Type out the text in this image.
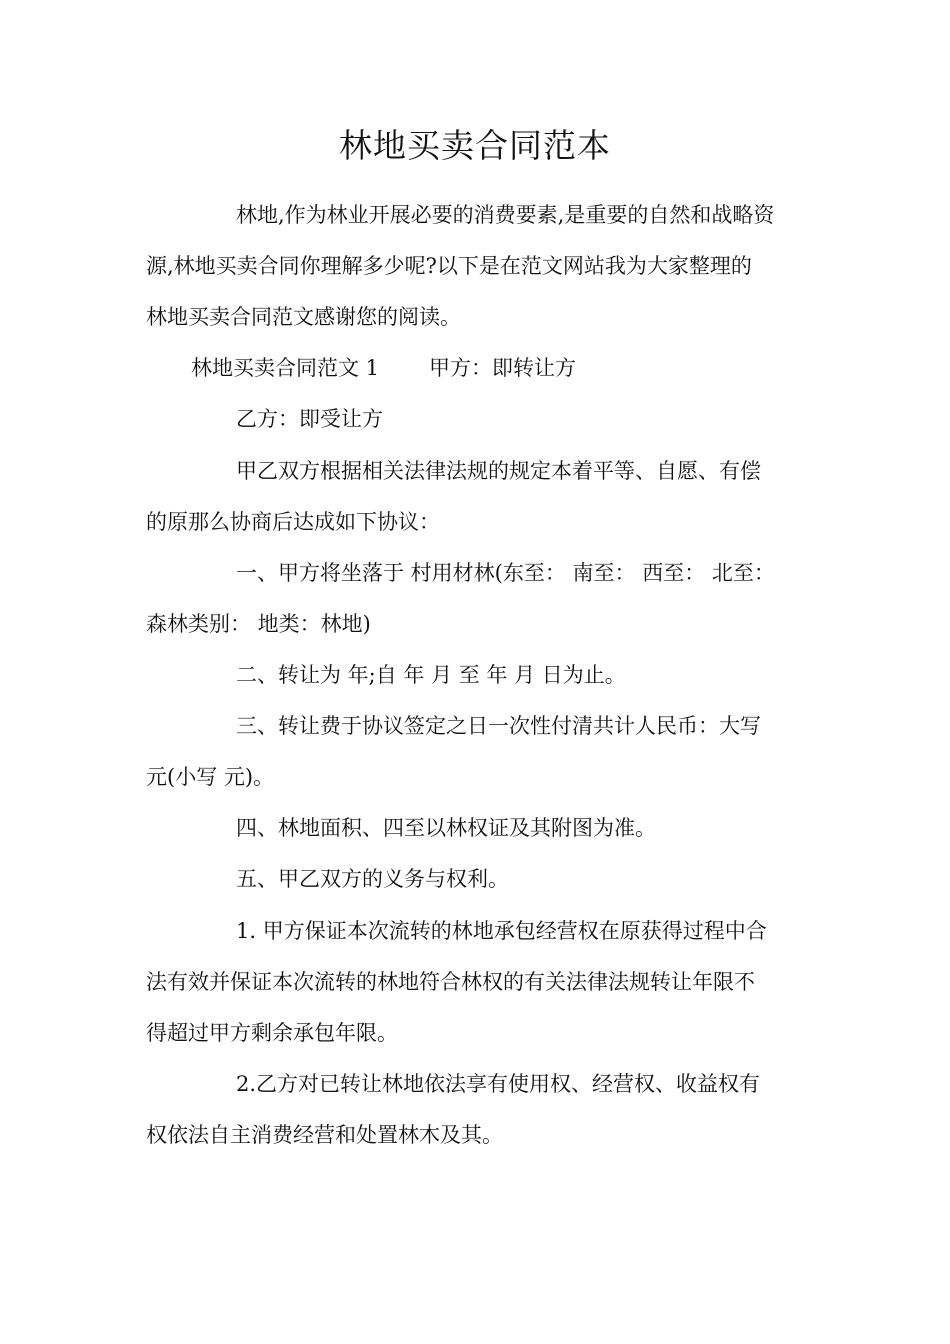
林地买卖合同范本
林地,作为林业开展必要的消费要素,是重要的自然和战略资
源,林地买卖合同你理解多少呢?以下是在范文网站我为大家整理的
林地买卖合同范文感谢您的阅读。
林地买卖合同范文 1 甲方：即转让方
乙方：即受让方
甲乙双方根据相关法律法规的规定本着平等、自愿、有偿
的原那么协商后达成如下协议：
一、甲方将坐落于 村用材林(东至： 南至： 西至： 北至：
森林类别： 地类：林地)
二、转让为 年;自 年 月 至 年 月 日为止。
三、转让费于协议签定之日一次性付清共计人民币：大写
元(小写 元)。
四、林地面积、四至以林权证及其附图为准。
五、甲乙双方的义务与权利。
1. 甲方保证本次流转的林地承包经营权在原获得过程中合
法有效并保证本次流转的林地符合林权的有关法律法规转让年限不
得超过甲方剩余承包年限。
2.乙方对已转让林地依法享有使用权、经营权、收益权有
权依法自主消费经营和处置林木及其。
